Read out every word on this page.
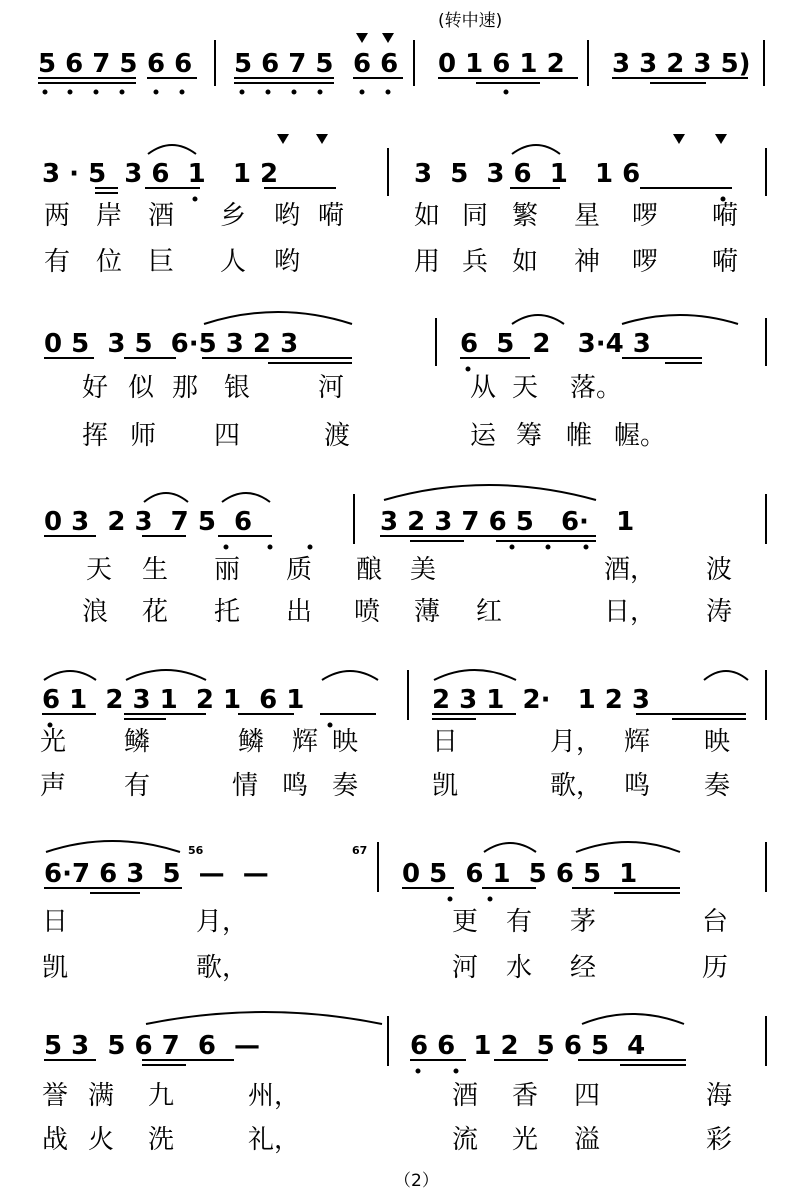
(转中速)
5 6 7 5 6 6 5 6 7 5 6 6 0 1 6 1 2 3 3 2 3 5)
3 · 5  3 6  1   1 2	3  5  3 6  1   1 6
两 岸 酒 乡 哟 嗬	如 同 繁 星 啰 嗬
有 位 巨 人 哟	用 兵 如 神 啰 嗬
0 5  3 5  6·5 3 2 3	6  5  2   3·4 3
好 似 那 银	河	从 天 落。
挥 师 四	渡	运 筹 帷 幄。
0 3  2 3  7 5  6	3 2 3 7 6 5   6·   1
天 生 丽 质 酿 美	酒， 波
浪 花 托 出 喷 薄 红	日， 涛
6 1  2 3 1  2 1  6 1	2 3 1  2·   1 2 3
光 鳞	鳞 辉 映	日	月， 辉 映
声 有	情 鸣 奏	凯	歌， 鸣 奏
6·7 6 3  5  —  —
56	67
0 5  6 1  5 6 5  1
日	月，	更 有 茅	台
凯	歌，	河 水 经	历
5 3  5 6 7  6  —	6 6  1 2  5 6 5  4
誉 满 九	州，	酒 香 四	海
战 火 洗	礼，	流 光 溢	彩
（2）
